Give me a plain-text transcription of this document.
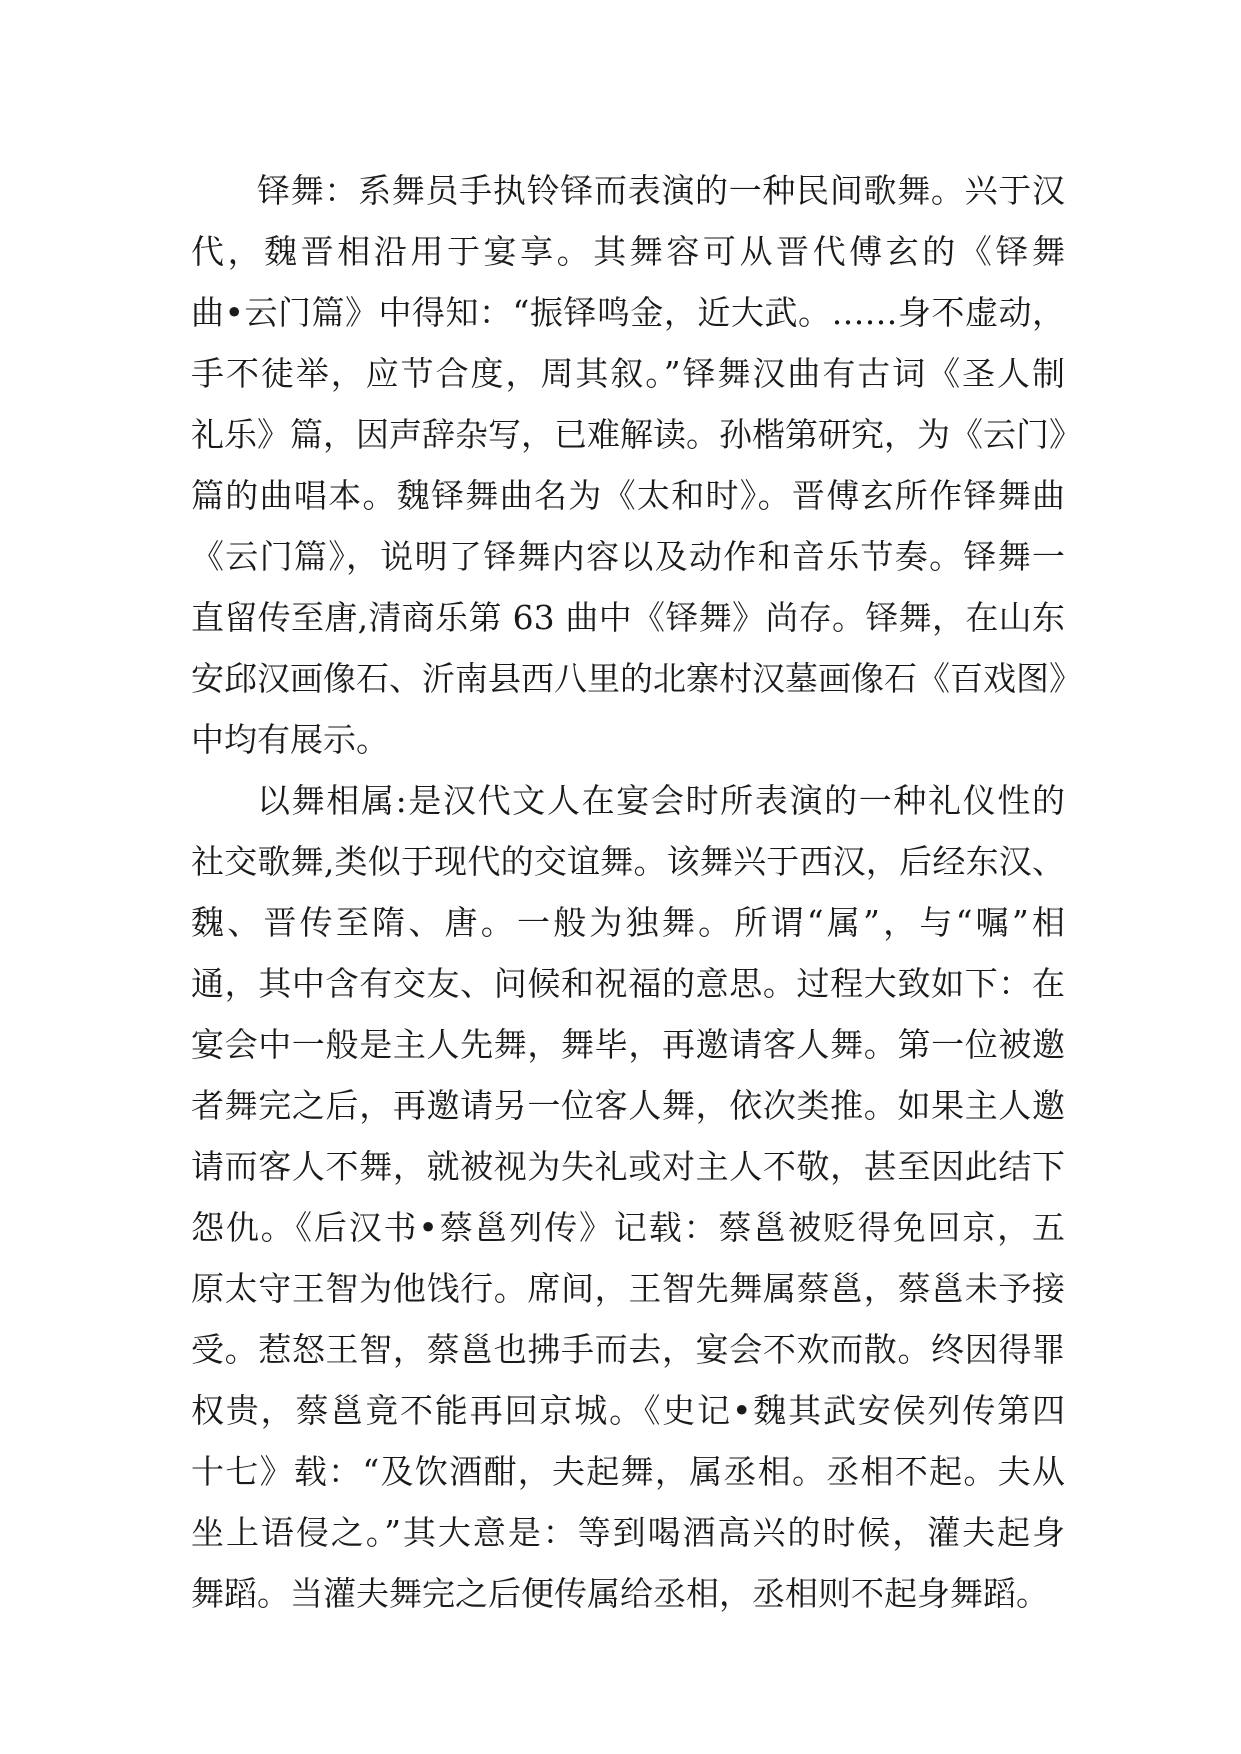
铎舞：系舞员手执铃铎而表演的一种民间歌舞。兴于汉
代，魏晋相沿用于宴享。其舞容可从晋代傅玄的《铎舞
曲•云门篇》中得知：“振铎鸣金，近大武。……身不虚动，
手不徒举，应节合度，周其叙。”铎舞汉曲有古词《圣人制
礼乐》篇，因声辞杂写，已难解读。孙楷第研究，为《云门》
篇的曲唱本。魏铎舞曲名为《太和时》。晋傅玄所作铎舞曲
《云门篇》，说明了铎舞内容以及动作和音乐节奏。铎舞一
直留传至唐,清商乐第 63 曲中《铎舞》尚存。铎舞，在山东
安邱汉画像石、沂南县西八里的北寨村汉墓画像石《百戏图》
中均有展示。
以舞相属:是汉代文人在宴会时所表演的一种礼仪性的
社交歌舞,类似于现代的交谊舞。该舞兴于西汉，后经东汉、
魏、晋传至隋、唐。一般为独舞。所谓“属”，与“嘱”相
通，其中含有交友、问候和祝福的意思。过程大致如下：在
宴会中一般是主人先舞，舞毕，再邀请客人舞。第一位被邀
者舞完之后，再邀请另一位客人舞，依次类推。如果主人邀
请而客人不舞，就被视为失礼或对主人不敬，甚至因此结下
怨仇。《后汉书•蔡邕列传》记载：蔡邕被贬得免回京，五
原太守王智为他饯行。席间，王智先舞属蔡邕，蔡邕未予接
受。惹怒王智，蔡邕也拂手而去，宴会不欢而散。终因得罪
权贵，蔡邕竟不能再回京城。《史记•魏其武安侯列传第四
十七》载：“及饮酒酣，夫起舞，属丞相。丞相不起。夫从
坐上语侵之。”其大意是：等到喝酒高兴的时候，灌夫起身
舞蹈。当灌夫舞完之后便传属给丞相，丞相则不起身舞蹈。
